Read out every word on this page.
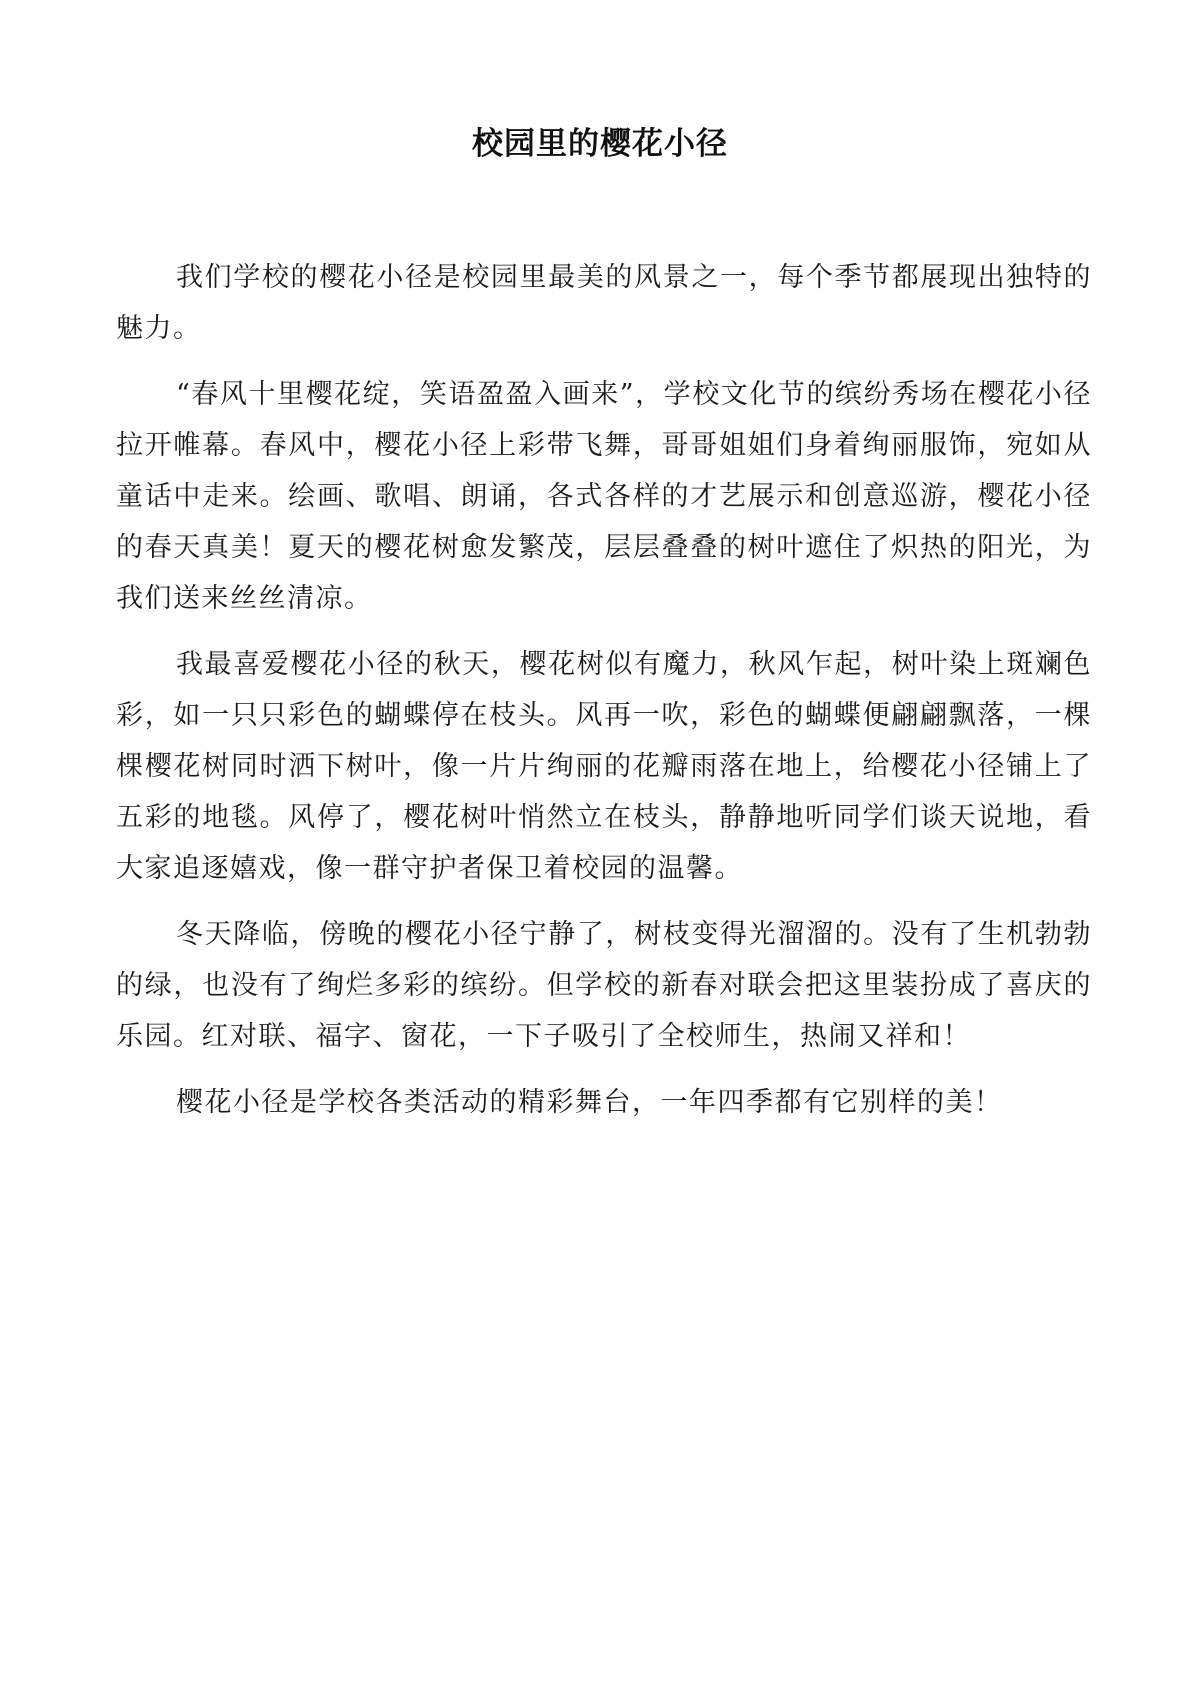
校园里的樱花小径

我们学校的樱花小径是校园里最美的风景之一，每个季节都展现出独特的魅力。

“春风十里樱花绽，笑语盈盈入画来”，学校文化节的缤纷秀场在樱花小径拉开帷幕。春风中，樱花小径上彩带飞舞，哥哥姐姐们身着绚丽服饰，宛如从童话中走来。绘画、歌唱、朗诵，各式各样的才艺展示和创意巡游，樱花小径的春天真美！夏天的樱花树愈发繁茂，层层叠叠的树叶遮住了炽热的阳光，为我们送来丝丝清凉。

我最喜爱樱花小径的秋天，樱花树似有魔力，秋风乍起，树叶染上斑斓色彩，如一只只彩色的蝴蝶停在枝头。风再一吹，彩色的蝴蝶便翩翩飘落，一棵棵樱花树同时洒下树叶，像一片片绚丽的花瓣雨落在地上，给樱花小径铺上了五彩的地毯。风停了，樱花树叶悄然立在枝头，静静地听同学们谈天说地，看大家追逐嬉戏，像一群守护者保卫着校园的温馨。

冬天降临，傍晚的樱花小径宁静了，树枝变得光溜溜的。没有了生机勃勃的绿，也没有了绚烂多彩的缤纷。但学校的新春对联会把这里装扮成了喜庆的乐园。红对联、福字、窗花，一下子吸引了全校师生，热闹又祥和！

樱花小径是学校各类活动的精彩舞台，一年四季都有它别样的美！
